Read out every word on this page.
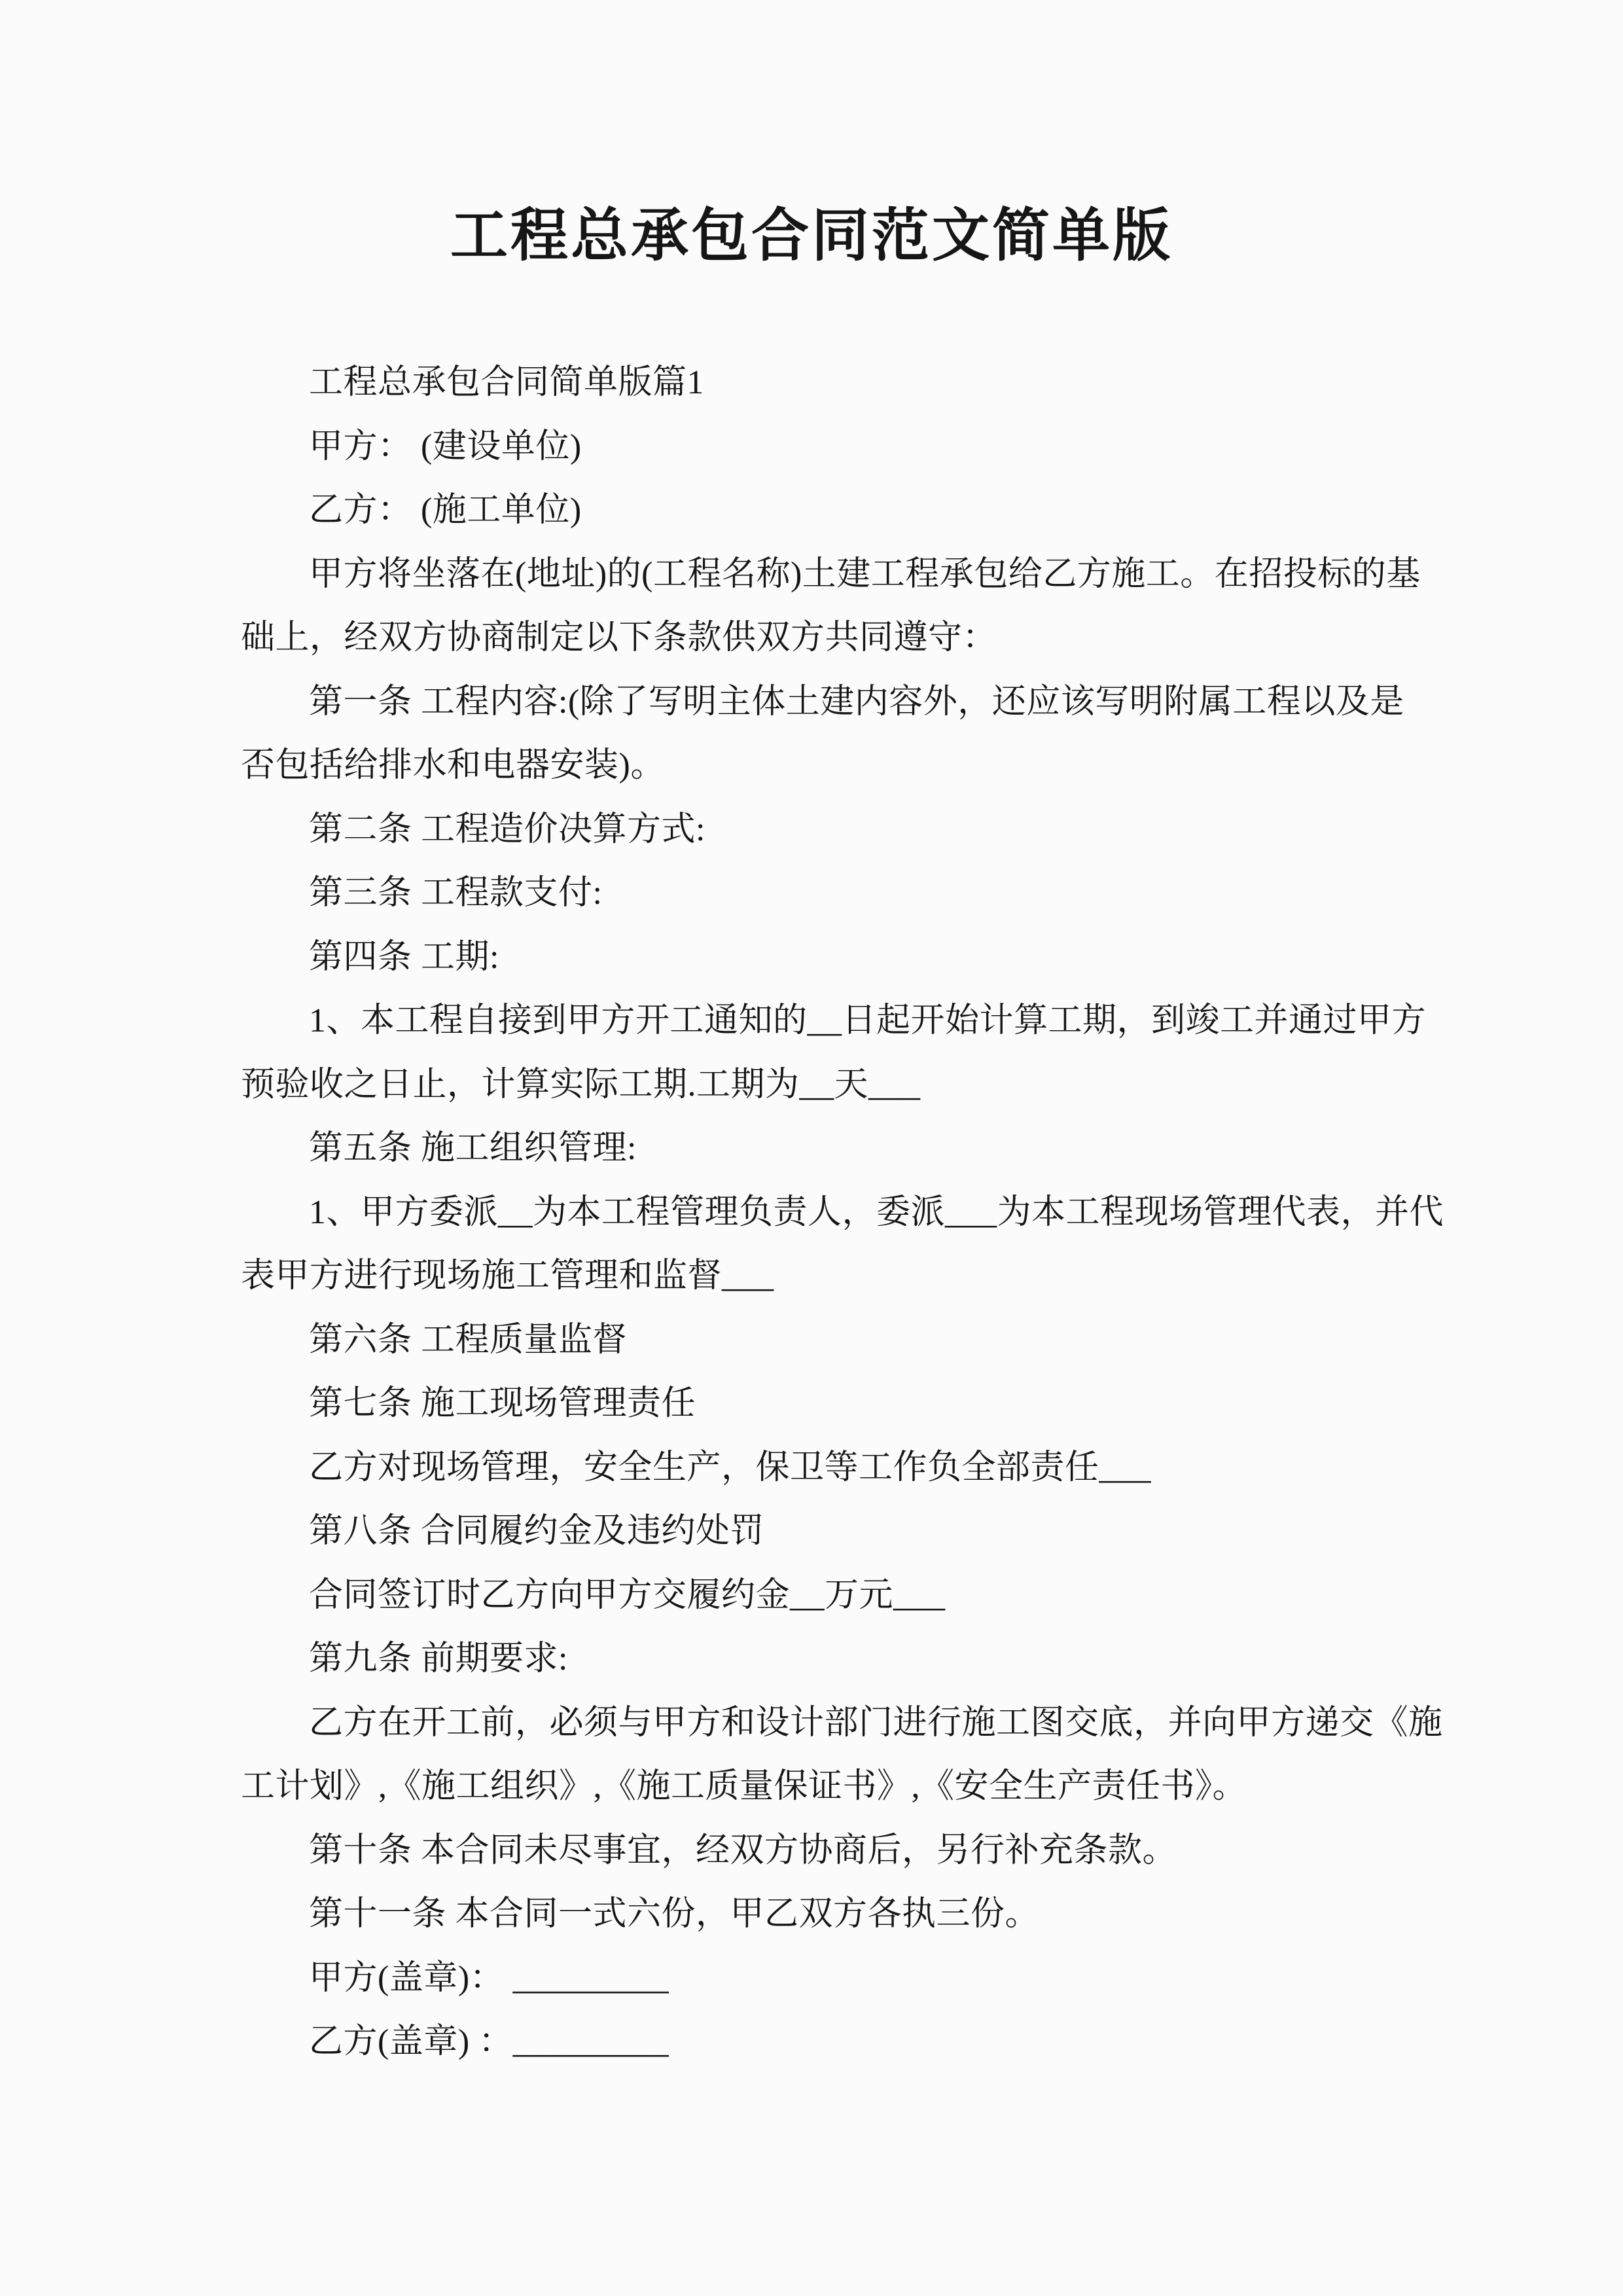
工程总承包合同范文简单版
工程总承包合同简单版篇1
甲方： (建设单位)
乙方： (施工单位)
甲方将坐落在(地址)的(工程名称)土建工程承包给乙方施工。在招投标的基
础上，经双方协商制定以下条款供双方共同遵守：
第一条 工程内容:(除了写明主体土建内容外，还应该写明附属工程以及是
否包括给排水和电器安装)。
第二条 工程造价决算方式:
第三条 工程款支付:
第四条 工期:
1、本工程自接到甲方开工通知的__日起开始计算工期，到竣工并通过甲方
预验收之日止，计算实际工期.工期为__天___
第五条 施工组织管理:
1、甲方委派__为本工程管理负责人，委派___为本工程现场管理代表，并代
表甲方进行现场施工管理和监督___
第六条 工程质量监督
第七条 施工现场管理责任
乙方对现场管理，安全生产，保卫等工作负全部责任___
第八条 合同履约金及违约处罚
合同签订时乙方向甲方交履约金__万元___
第九条 前期要求:
乙方在开工前，必须与甲方和设计部门进行施工图交底，并向甲方递交《施
工计划》,《施工组织》,《施工质量保证书》,《安全生产责任书》。
第十条 本合同未尽事宜，经双方协商后，另行补充条款。
第十一条 本合同一式六份，甲乙双方各执三份。
甲方(盖章)： _________
乙方(盖章) ：_________
